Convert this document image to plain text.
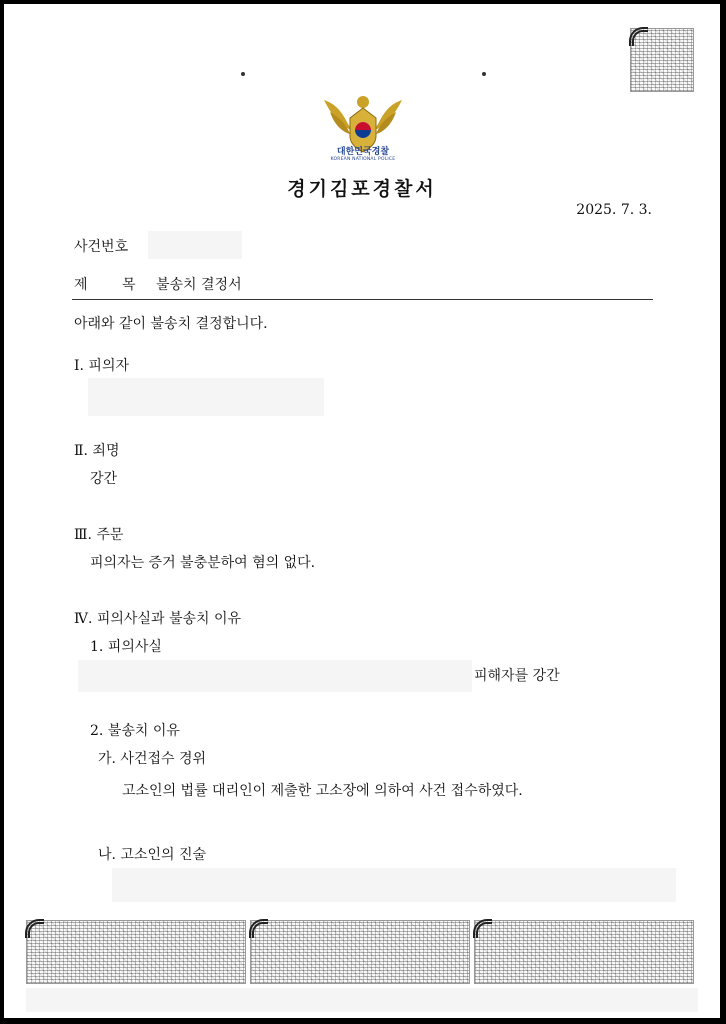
대한민국경찰
KOREAN NATIONAL POLICE
경기김포경찰서
2025. 7. 3.
사건번호
제 목 불송치 결정서
아래와 같이 불송치 결정합니다.
Ⅰ. 피의자
Ⅱ. 죄명
강간
Ⅲ. 주문
피의자는 증거 불충분하여 혐의 없다.
Ⅳ. 피의사실과 불송치 이유
1. 피의사실
피해자를 강간
2. 불송치 이유
가. 사건접수 경위
고소인의 법률 대리인이 제출한 고소장에 의하여 사건 접수하였다.
나. 고소인의 진술
